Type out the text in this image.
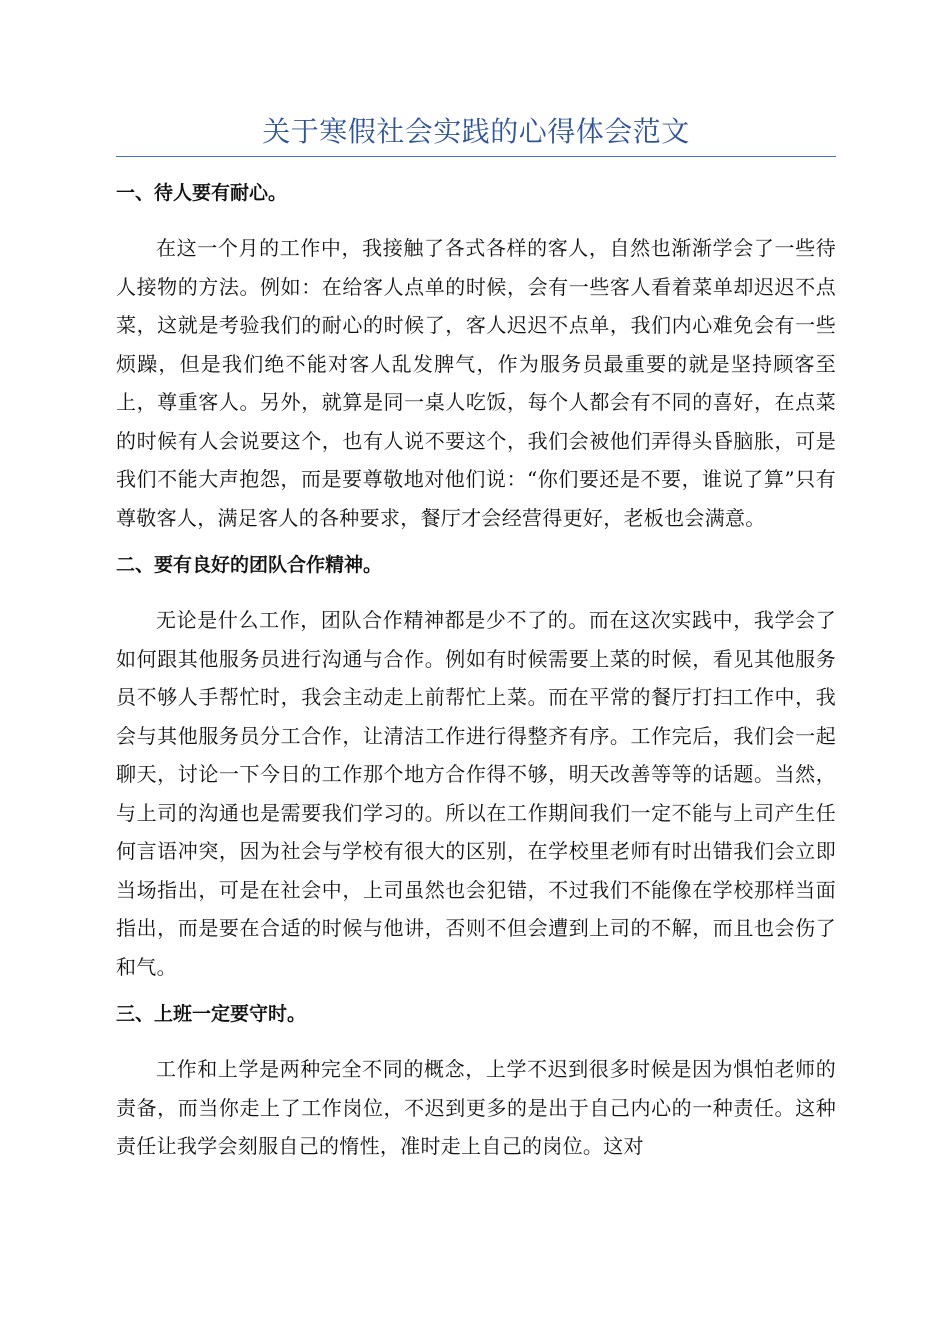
关于寒假社会实践的心得体会范文
一、待人要有耐心。

在这一个月的工作中，我接触了各式各样的客人，自然也渐渐学会了一些待人接物的方法。例如：在给客人点单的时候，会有一些客人看着菜单却迟迟不点菜，这就是考验我们的耐心的时候了，客人迟迟不点单，我们内心难免会有一些烦躁，但是我们绝不能对客人乱发脾气，作为服务员最重要的就是坚持顾客至上，尊重客人。另外，就算是同一桌人吃饭，每个人都会有不同的喜好，在点菜的时候有人会说要这个，也有人说不要这个，我们会被他们弄得头昏脑胀，可是我们不能大声抱怨，而是要尊敬地对他们说：“你们要还是不要，谁说了算”只有尊敬客人，满足客人的各种要求，餐厅才会经营得更好，老板也会满意。

二、要有良好的团队合作精神。

无论是什么工作，团队合作精神都是少不了的。而在这次实践中，我学会了如何跟其他服务员进行沟通与合作。例如有时候需要上菜的时候，看见其他服务员不够人手帮忙时，我会主动走上前帮忙上菜。而在平常的餐厅打扫工作中，我会与其他服务员分工合作，让清洁工作进行得整齐有序。工作完后，我们会一起聊天，讨论一下今日的工作那个地方合作得不够，明天改善等等的话题。当然，与上司的沟通也是需要我们学习的。所以在工作期间我们一定不能与上司产生任何言语冲突，因为社会与学校有很大的区别，在学校里老师有时出错我们会立即当场指出，可是在社会中，上司虽然也会犯错，不过我们不能像在学校那样当面指出，而是要在合适的时候与他讲，否则不但会遭到上司的不解，而且也会伤了和气。

三、上班一定要守时。

工作和上学是两种完全不同的概念，上学不迟到很多时候是因为惧怕老师的责备，而当你走上了工作岗位，不迟到更多的是出于自己内心的一种责任。这种责任让我学会刻服自己的惰性，准时走上自己的岗位。这对
